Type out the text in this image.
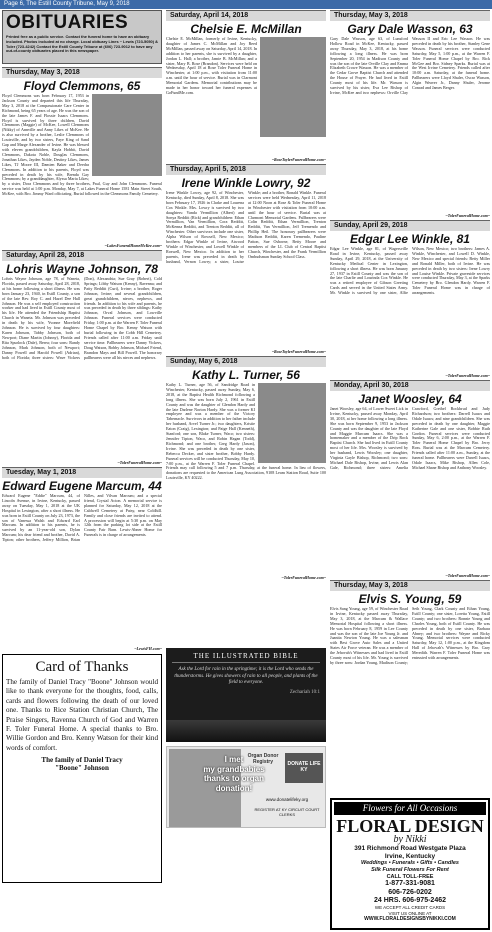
Page 6, The Estill County Tribune, May 9, 2018
OBITUARIES
Printed free as a public service. Contact the funeral home to have an obituary included. Photos included at no charge. Local obituary Lines ~ Lewis (723-5050) & Toler (723-4242) Contact the Estill County Tribune at (606) 723-9012 to have any out-of-county obituaries placed in this newspaper.
Thursday, May 3, 2018
Floyd Clemmons, 65
Floyd Clemmons was born February 17, 1953 in Jackson County and departed this life Thursday, May 3, 2018 at the Compassionate Care Center in Richmond, being 65 years of age. He was the son of the late James F. and Flossie Isaacs Clemmons. Floyd is survived by three children, David Clemmons (Maggie) of McKee, Lowell Clemmons (Nikky) of Annville and Anny Likes of McKee. He is also survived by a brother, Leslie Clemmons of Louisville, and by two sisters, Faye King of Sand Gap and Marge Alexander of Irvine. He was blessed with eleven grandchildren, Kayla Hobbit, David Clemmons, Dakota Noble, Douglas Clemmons, Jonathan Likes, Jayden Noble, Destiny Likes, James Likes, TJ Moore III, Damien Baker and Deedra Clemmons. In addition to his parents, Floyd was preceded in death by his wife, Brenda Gay Clemmons; by a granddaughter, Alyssa Maria Likes; by a sister, Dora Clemmons and by three brothers, Paul, Guy and John Clemmons. Funeral service was held at 1:00 p.m. Monday, May 7, at Lakes Funeral Home 1581 Main Street South, McKee, with Bro. Jimmy Ward officiating. Burial followed in the Clemmons Family Cemetery.
~LakesFuneralHomeMcKee.com~
Saturday, April 28, 2018
Lohris Wayne Johnson, 78
Lohris Wayne Johnson, age 78, of Waneta, Florida, passed away Saturday, April 28, 2018, at his home following a short illness. He was born January 23, 1940, in Estill County, a son of the late Rev. Roy C. and Hazel Dee Hall Johnson. He was a self employed construction worker and had lived in Estill County most of his life. He attended the Friendship Baptist Church in Waneta. Mr. Johnson was preceded in death by his wife, Yvonne Morefield Johnson. He is survived by four daughters: Karen Johnson, Tabby Johnson, both of Newport; Diane Martin (Johnny), Florida and Rita Spurlock (Dale), Berea; four sons: Randy Johnson, Mark Johnson, both of Newport; Danny Powell and Harold Powell (Adrian), both of Florida; three sisters: Wave Vickers (Don), Alexandria; Sue Gray (Robert), Cold Springs; Libby Watson (Kenny), Ravenna; and Patty Redditt (Curt), Irvine; a brother, Roger Johnson, Irvine; and several grandchildren, great grandchildren, nieces, nephews, and friends. In addition to his wife and parents, he was preceded in death by three siblings: Kathy Johnson, Orval Johnson, and Lowville Johnson. Funeral services were conducted Friday, 1:00 p.m. at the Warren F. Toler Funeral Home Chapel by Bro. Kenny Watson with burial following in the Cobb Hill Cemetery. Friends called after 11:00 a.m. Friday until service time. Pallbearers were Danny Vickers, Doug Watson, Bobby Johnson, Michael Friend, Brandon Mays and Bill Powell. The honorary pallbearers were all his nieces and nephews.
~TolerFuneralHome.com~
Tuesday, May 1, 2018
Edward Eugene Marcum, 44
Edward Eugene "Eddie" Marcum, 44, of Lincoln Avenue, in Irvine, Kentucky, passed away on Tuesday, May 1, 2018 at the UK Hospital in Lexington, after a short illness. He was born in Estill County on July 23, 1973, the son of Vanessa Walsh and Edward Earl Marcum. In addition to his parents, he is survived by an 11-year-old son, Dylan Marcum; his dear friend and brother, David A. Tipton; other brothers, Jeffery Million, Brian Nilles, and Vilvan Marcum; and a special friend, Crystal Acton. A memorial service is planned for Saturday, May 12, 2018 at the Caldwell Cemetery at Patsy, near Coldhill. Family and close friends are invited to attend. A procession will begin at 5:30 p.m. on May 12th from the parking lot side at the Estill County Fair Barn. Lewis-Abner Home for Funerals is in charge of arrangements.
~LewisFH.com~
Card of Thanks
The family of Daniel Tracy "Boone" Johnson would like to thank everyone for the thoughts, food, calls, cards and flowers following the death of our loved one. Thanks to Rice Station Christian Church, The Praise Singers, Ravenna Church of God and Warren F. Toler Funeral Home. A special thanks to Bro. Willie Gordon and Bro. Kenny Watson for their kind words of comfort.
The family of Daniel Tracy
"Boone" Johnson
Saturday, April 14, 2018
Chelsie E. McMillan
Chelsie E. McMillan, formerly of Irvine, Kentucky, daughter of James C. McMillan and Joy Reed McMillan, passed away on Saturday, April 14, 2018. In addition to her parents, she is survived by a daughter, Jordan L. Hall; a brother, Jamie B. McMillan; and a sister, Mary B. Rose (Brandon). Services were held on Wednesday, April 18 at Rose Toler Funeral Home in Winchester, at 1:00 p.m., with visitation from 11:00 a.m. until the hour of service. Burial was in Clarmont Memorial Gardens. Memorial contributions may be made in her honor toward her funeral expenses at GoFundMe.com.
~RoseToylerFuneralHome.com~
Thursday, April 5, 2018
Irene Winkle Lowry, 92
Irene Winkle Lowry, age 92, of Winchester, Kentucky, died Sunday, April 8, 2018. She was born February 17, 1926 in Clarke and Lourena Cox Winkle. Mrs. Lowry is survived by two daughters: Vanda Vermillion (Albert) and Sonya Redditt (Rick) and grandchildren: Ethan Vermillion, Van Vermillion, Cora Redditt, McKenna Redditt, and Trenton Redditt, all of Winchester. Other survivors include one sister, Alpha Wilson of Rowsell, New Mexico; brothers: Edgar Winkle of Irvine, Atwood Winkle of Winchester, and Lowell Winkle of Roswell, New Mexico. In addition to her parents, Irene was preceded in death by husband, Vernon Lowry; a sister, Louise Winkle; and a brother, Ronald Winkle. Funeral services were held Wednesday, April 11, 2018 at 12:00 Noon at Rose & Toler Funeral Home in Winchester with visitation from 10:00 a.m. until the hour of service. Burial was at Clarmont Memorial Gardens. Pallbearers were Colin Redditt, Ethan Vermillion, Trenton Redditt, Van Vermillion, Jeff Tremendo and Phillip Heil. The honorary pallbearers were Madison Redditt, Karen Tremendo, Pauline Patton, Sue Osborne, Betty Moore and members of the LL Club of Central Baptist Church, Winchester, and the Frank Vermillion Ombudsman Sunday School Class.
~RoseToylerFuneralHome.com~
Sunday, May 6, 2018
Kathy L. Turner, 56
Kathy L. Turner, age 56, of Sandridge Road in Winchester, Kentucky, passed away Sunday, May 6, 2018, at the Baptist Health Richmond following a long illness. She was born July 2, 1961 in Estill County and was the daughter of Glendon Hardy and the late Darlene Norton Hardy. She was a former KI employee and was a member of the Victory Tabernacle. Survivors in addition to her father include her husband, Arvel Turner Jr.; two daughters, Kristie Eaton (Craig), Lexington; and Paige Hall (Kenneth), Stanford; one son, Blake Turner, Waco; two sisters: Jennifer Tipton, Waco, and Robin Hagan (Todd), Richmond; and one brother, Greg Hardy (Jason), Irvine. She was preceded in death by one sister, Rebecca Decker, and sister brother, Bobby Hardy. Funeral services will be conducted Thursday, May 10, 7:00 p.m., at the Warren F. Toler Funeral Chapel. Friends may call following 5 and 7 p.m. Thursday, at the funeral home. In lieu of flowers, donations are requested to the American Lung Association, 9108 Leam Station Road, Suite 100 Louisville, KY 40222.
~TolerFuneralHome.com~
Thursday, May 3, 2018
Gary Dale Wasson, 63
Gary Dale Wasson, age 63, of Lunsford Hollow Road in McKee, Kentucky, passed away Thursday, May 3, 2018, at his home following a long illness. He was born September 20, 1954 in Madison County and was the son of the late Orville Clay and Emma Elizabeth Crowe Wasson. He was a member of the Cedar Grove Baptist Church and attended the House of Prayer. He had lived in Estill County most of his life. Mr. Wasson is survived by his sister, Eva Lee Bishop of Irvine, McKee and two nephews: Orville Clay Wasson II and Eric Lee Wasson. He was preceded in death by his brother, Stanley Gene Wasson. Funeral services were conducted Saturday, May 5, 1:00 p.m., at the Warren F. Toler Funeral Home Chapel by Bro. Rick McGee and Bro. Sidney Sparks. Burial was at the West Irvine Cemetery. Friends called after 10:00 a.m. Saturday, at the funeral home. Pallbearers were Lloyd Shuler, Oscar Wasson, Algin Weaver Jr., Danny Shuler, Jerome Conrad and James Berger.
~TolerFuneralHome.com~
Sunday, April 29, 2018
Edgar Lee Winkle, 81
Edgar Lee Winkle, age 81, of Wagersville Road in Irvine, Kentucky, passed away Sunday, April 29, 2018, at the University of Kentucky Medical Center in Lexington, following a short illness. He was born January 27, 1937 in Estill County and was the son of the late Charlie and Lourinda Cox Winkle. He was a retired employee of Gibson Greeting Cards and served in the United States Army. Mr. Winkle is survived by one sister, Alfie Wilson, New Mexico; two brothers: James A. Winkle, Winchester, and Lowell D. Winkle, New Mexico and special friends: Betty Miller and Ronald Miller, both of Irvine. He was preceded in death by two sisters: Irene Lowry and Louise Winkle. Private graveside services were conducted Thursday, May 3, at the Sparks Cemetery by Bro. Glendon Hardy. Warren F. Toler Funeral Home was in charge of arrangements.
~TolerFuneralHome.com~
Monday, April 30, 2018
Janet Woosley, 64
Janet Woosley, age 64, of Lower Sweet Lick in Irvine, Kentucky, passed away Monday, April 30, 2018, at her home following a long illness. She was born September 9, 1953 in Jackson County and was the daughter of the late Floyd and Maggie Marcum Isaacs. She was a homemaker and a member of the Drip Rock Baptist Church. She had lived in Estill County most of her life. Mrs. Woosley is survived by her husband, Lewis Woosley; one daughter, Virginia Gayle Bishop, Richmond; two sons: Michael Dale Bishop, Irvine, and Lewis Alan Gale, Richmond; three sisters: Amelia Crawford, Grethel Bockbrud and Judy Richardson; two brothers: Darrell Isaacs and Odale Isaacs; and nine grandchildren. She was preceded in death by one daughter, Maggie Katherine Gale and one sister, Bobbie Ruth Gordon. Funeral services were conducted Sunday, May 6, 2:00 p.m., at the Warren F. Toler Funeral Home Chapel by Bro. Jerry Ross. Burial was at the Marcum Cemetery. Friends called after 11:00 a.m., Sunday, at the funeral home. Pallbearers were Darrell Isaacs, Odale Isaacs, Mike Bishop, Allen Cole, Michael Shane Bishop and Anthony Woosley.
~TolerFuneralHome.com~
Thursday, May 3, 2018
Elvis S. Young, 59
Elvis Sang Young, age 59, of Winchester Road in Irvine, Kentucky passed away Thursday, May 3, 2018, at the Marcum & Wallace Memorial Hospital following a short illness. He was born February 8, 1959 in Lee County and was the son of the late Joe Young Jr. and Juanita Newton Young. He was a salesman with Best Grove Auto Sales and a United States Air Force veteran. He was a member of the Jehovah's Witnesses and had lived in Estill County most of his life. Mr. Young is survived by three sons: Jordan Young, Madison County; Seth Young, Clark County and Ethan Young, Estill County; one sister, Loretta Young, Estill County; and two brothers: Ronnie Young and Charles Young, both of Estill County. He was preceded in death by one sister, Barbara Abney; and two brothers: Wayne and Ricky Young. Memorial services were conducted Saturday, May 12, 1:00 p.m., at the Kingdom Hall of Jehovah's Witnesses by Bro. Gary Meredith. Warren F. Toler Funeral Home was entrusted with arrangements.
THE ILLUSTRATED BIBLE
Ask the Lord for rain in the springtime; it is the Lord who sends the thunderstorms. He gives showers of rain to all people, and plants of the field to everyone.
Zechariah 10:1
I met
my grandbabies
thanks to organ
donation!
Organ Donor Registry	DONATE LIFE KY
www.donatelifeky.org
REGISTER AT KY CIRCUIT COURT CLERKS
Flowers for All Occasions
FLORAL DESIGN
by Nikki
391 Richmond Road Westgate Plaza
Irvine, Kentucky
Weddings • Funerals • Gifts • Candles
Silk Funeral Flowers For Rent
CALL TOLL-FREE
1-877-331-9081
606-726-0202
24 HRS. 606-975-2462
WE ACCEPT ALL CREDIT CARDS
VISIT US ONLINE AT
WWW.FLORALDESIGNSBYNIKKI.COM
